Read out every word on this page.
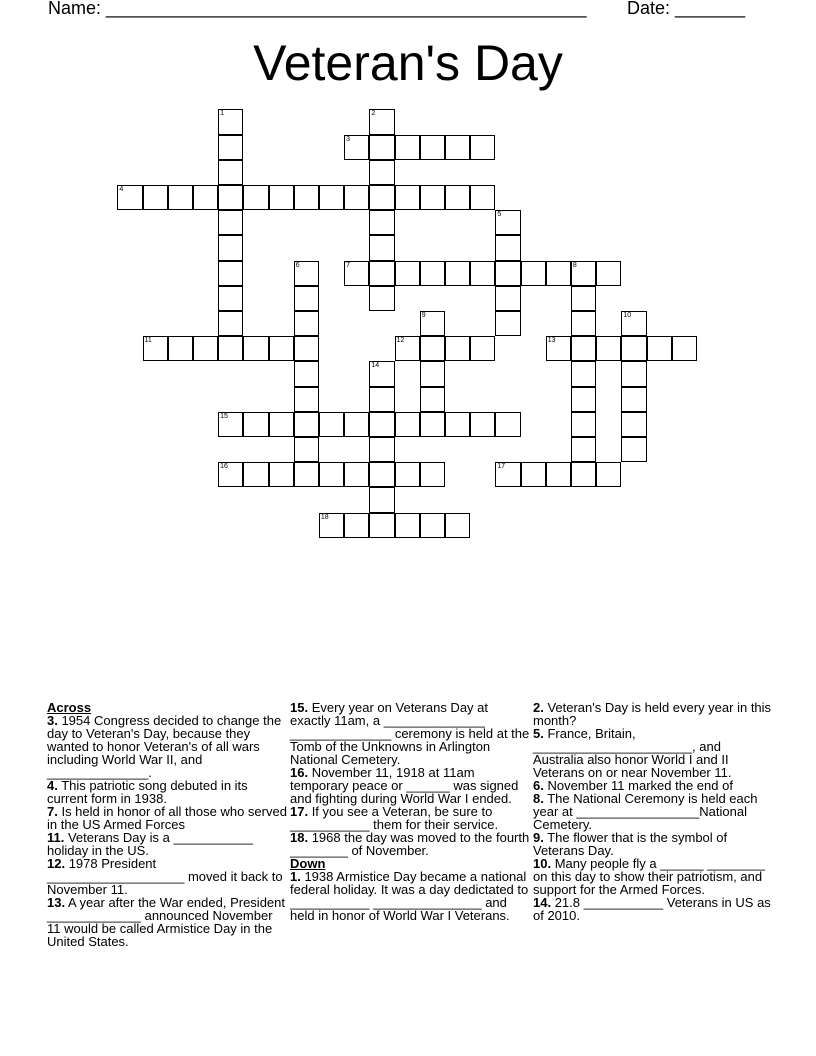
Name: ________________________________________________ Date: _______
Veteran's Day
1	2
3
4
5
6	7	8
9	10
11	12	13
14
15
16	17
18
Across
3. 1954 Congress decided to change the day to Veteran's Day, because they wanted to honor Veteran's of all wars including World War II, and ______________.
4. This patriotic song debuted in its current form in 1938.
7. Is held in honor of all those who served in the US Armed Forces
11. Veterans Day is a ___________ holiday in the US.
12. 1978 President ___________________ moved it back to November 11.
13. A year after the War ended, President _____________ announced November 11 would be called Armistice Day in the United States.
15. Every year on Veterans Day at exactly 11am, a ______________ ______________ ceremony is held at the Tomb of the Unknowns in Arlington National Cemetery.
16. November 11, 1918 at 11am temporary peace or ______ was signed and fighting during World War I ended.
17. If you see a Veteran, be sure to ___________ them for their service.
18. 1968 the day was moved to the fourth ________ of November.
Down
1. 1938 Armistice Day became a national federal holiday. It was a day dedictated to ___________ _______________ and held in honor of World War I Veterans.
2. Veteran's Day is held every year in this month?
5. France, Britain, ______________________, and Australia also honor World I and II Veterans on or near November 11.
6. November 11 marked the end of
8. The National Ceremony is held each year at _________________National Cemetery.
9. The flower that is the symbol of Veterans Day.
10. Many people fly a ______ ________ on this day to show their patriotism, and support for the Armed Forces.
14. 21.8 ___________ Veterans in US as of 2010.
